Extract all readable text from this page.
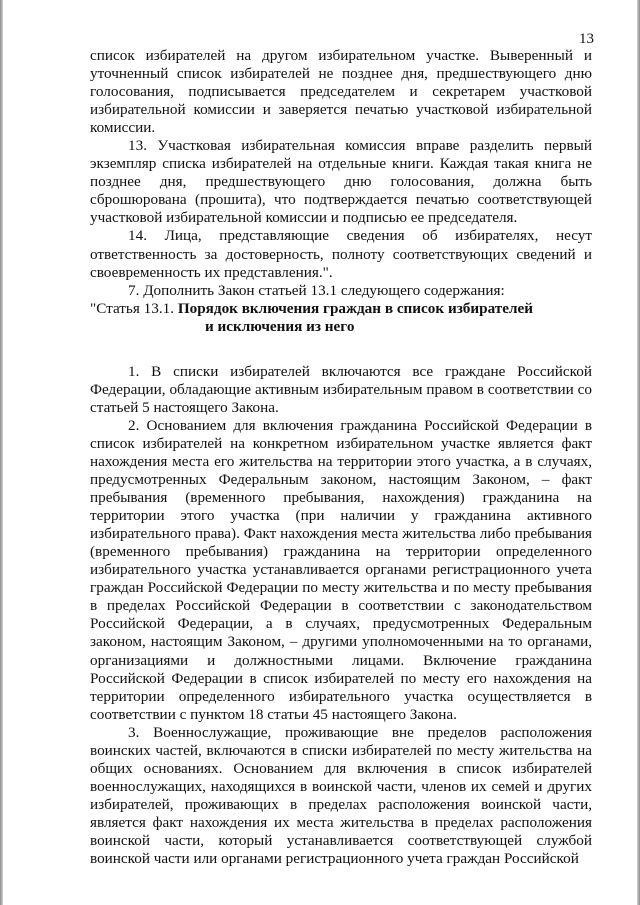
13

список избирателей на другом избирательном участке. Выверенный и уточненный список избирателей не позднее дня, предшествующего дню голосования, подписывается председателем и секретарем участковой избирательной комиссии и заверяется печатью участковой избирательной комиссии.

13. Участковая избирательная комиссия вправе разделить первый экземпляр списка избирателей на отдельные книги. Каждая такая книга не позднее дня, предшествующего дню голосования, должна быть сброшюрована (прошита), что подтверждается печатью соответствующей участковой избирательной комиссии и подписью ее председателя.

14. Лица, представляющие сведения об избирателях, несут ответственность за достоверность, полноту соответствующих сведений и своевременность их представления.".

7. Дополнить Закон статьей 13.1 следующего содержания:

"Статья 13.1. Порядок включения граждан в список избирателей
и исключения из него

1. В списки избирателей включаются все граждане Российской Федерации, обладающие активным избирательным правом в соответствии со статьей 5 настоящего Закона.

2. Основанием для включения гражданина Российской Федерации в список избирателей на конкретном избирательном участке является факт нахождения места его жительства на территории этого участка, а в случаях, предусмотренных Федеральным законом, настоящим Законом, – факт пребывания (временного пребывания, нахождения) гражданина на территории этого участка (при наличии у гражданина активного избирательного права). Факт нахождения места жительства либо пребывания (временного пребывания) гражданина на территории определенного избирательного участка устанавливается органами регистрационного учета граждан Российской Федерации по месту жительства и по месту пребывания в пределах Российской Федерации в соответствии с законодательством Российской Федерации, а в случаях, предусмотренных Федеральным законом, настоящим Законом, – другими уполномоченными на то органами, организациями и должностными лицами. Включение гражданина Российской Федерации в список избирателей по месту его нахождения на территории определенного избирательного участка осуществляется в соответствии с пунктом 18 статьи 45 настоящего Закона.

3. Военнослужащие, проживающие вне пределов расположения воинских частей, включаются в списки избирателей по месту жительства на общих основаниях. Основанием для включения в список избирателей военнослужащих, находящихся в воинской части, членов их семей и других избирателей, проживающих в пределах расположения воинской части, является факт нахождения их места жительства в пределах расположения воинской части, который устанавливается соответствующей службой воинской части или органами регистрационного учета граждан Российской
